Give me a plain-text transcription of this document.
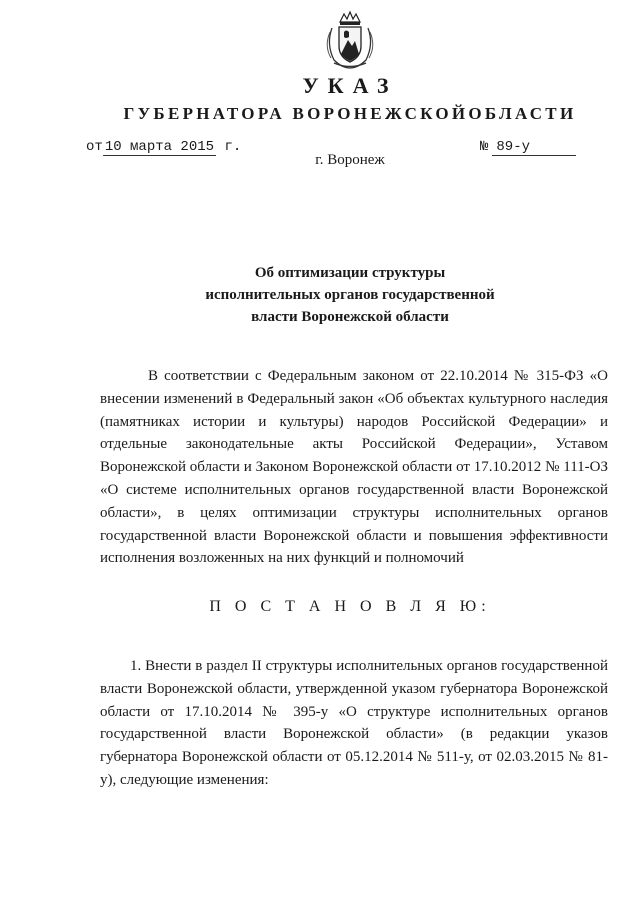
УКАЗ
ГУБЕРНАТОРА ВОРОНЕЖСКОЙОБЛАСТИ
от 10 марта 2015 г.	№ 89-у
г. Воронеж
Об оптимизации структуры
исполнительных органов государственной
власти Воронежской области
В соответствии с Федеральным законом от 22.10.2014 № 315-ФЗ «О внесении изменений в Федеральный закон «Об объектах культурного наследия (памятниках истории и культуры) народов Российской Федерации» и отдельные законодательные акты Российской Федерации», Уставом Воронежской области и Законом Воронежской области от 17.10.2012 № 111-ОЗ «О системе исполнительных органов государственной власти Воронежской области», в целях оптимизации структуры исполнительных органов государственной власти Воронежской области и повышения эффективности исполнения возложенных на них функций и полномочий
П О С Т А Н О В Л Я Ю:
1. Внести в раздел II структуры исполнительных органов государственной власти Воронежской области, утвержденной указом губернатора Воронежской области от 17.10.2014 № 395-у «О структуре исполнительных органов государственной власти Воронежской области» (в редакции указов губернатора Воронежской области от 05.12.2014 № 511-у, от 02.03.2015 № 81-у), следующие изменения:
